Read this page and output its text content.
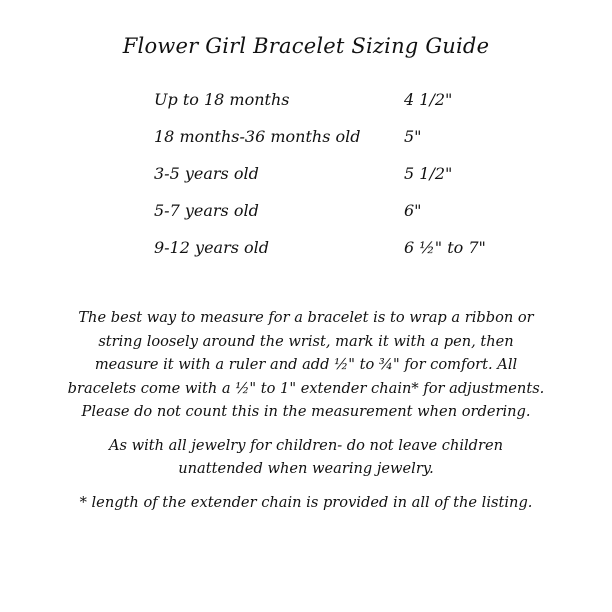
Flower Girl Bracelet Sizing Guide
Up to 18 months	4 1/2"
18 months-36 months old	5"
3-5 years old	5 1/2"
5-7 years old	6"
9-12 years old	6 ½" to 7"

The best way to measure for a bracelet is to wrap a ribbon or string loosely around the wrist, mark it with a pen, then measure it with a ruler and add ½" to ¾" for comfort. All bracelets come with a ½" to 1" extender chain* for adjustments. Please do not count this in the measurement when ordering.

As with all jewelry for children- do not leave children unattended when wearing jewelry.

* length of the extender chain is provided in all of the listing.
